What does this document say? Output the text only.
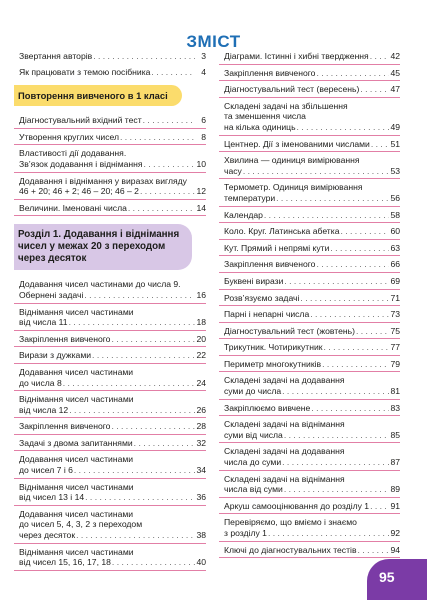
ЗМІСТ
Звертання авторів . . .	3
Як працювати з темою посібника . . .	4
Повторення вивченого в 1 класі
Діагностувальний вхідний тест . . .	6
Утворення круглих чисел . . .	8
Властивості дії додавання.
Зв’язок додавання і віднімання . . .	10
Додавання і віднімання у виразах вигляду
46 + 20; 46 + 2; 46 – 20; 46 – 2 . . .	12
Величини. Іменовані числа . . .	14
Розділ 1. Додавання і віднімання
чисел у межах 20 з переходом
через десяток
Додавання чисел частинами до числа 9.
Обернені задачі . . .	16
Віднімання чисел частинами
від числа 11 . . .	18
Закріплення вивченого . . .	20
Вирази з дужками . . .	22
Додавання чисел частинами
до числа 8 . . .	24
Віднімання чисел частинами
від числа 12 . . .	26
Закріплення вивченого . . .	28
Задачі з двома запитаннями . . .	32
Додавання чисел частинами
до чисел 7 і 6 . . .	34
Віднімання чисел частинами
від чисел 13 і 14 . . .	36
Додавання чисел частинами
до чисел 5, 4, 3, 2 з переходом
через десяток . . .	38
Віднімання чисел частинами
від чисел 15, 16, 17, 18 . . .	40
Діаграми. Істинні і хибні твердження . . .	42
Закріплення вивченого . . .	45
Діагностувальний тест (вересень) . . .	47
Складені задачі на збільшення
та зменшення числа
на кілька одиниць . . .	49
Центнер. Дії з іменованими числами . . . 51
Хвилина — одиниця вимірювання
часу . . .	53
Термометр. Одиниця вимірювання
температури . . .	56
Календар . . .	58
Коло. Круг. Латинська абетка . . .	60
Кут. Прямий і непрямі кути . . .	63
Закріплення вивченого . . .	66
Буквені вирази . . .	69
Розв’язуємо задачі . . .	71
Парні і непарні числа . . .	73
Діагностувальний тест (жовтень) . . .	75
Трикутник. Чотирикутник . . .	77
Периметр многокутників . . .	79
Складені задачі на додавання
суми до числа . . .	81
Закріплюємо вивчене . . .	83
Складені задачі на віднімання
суми від числа . . .	85
Складені задачі на додавання
числа до суми . . .	87
Складені задачі на віднімання
числа від суми . . .	89
Аркуш самооцінювання до розділу 1 . . . 91
Перевіряємо, що вміємо і знаємо
з розділу 1 . . .	92
Ключі до діагностувальних тестів . . .	94
95
